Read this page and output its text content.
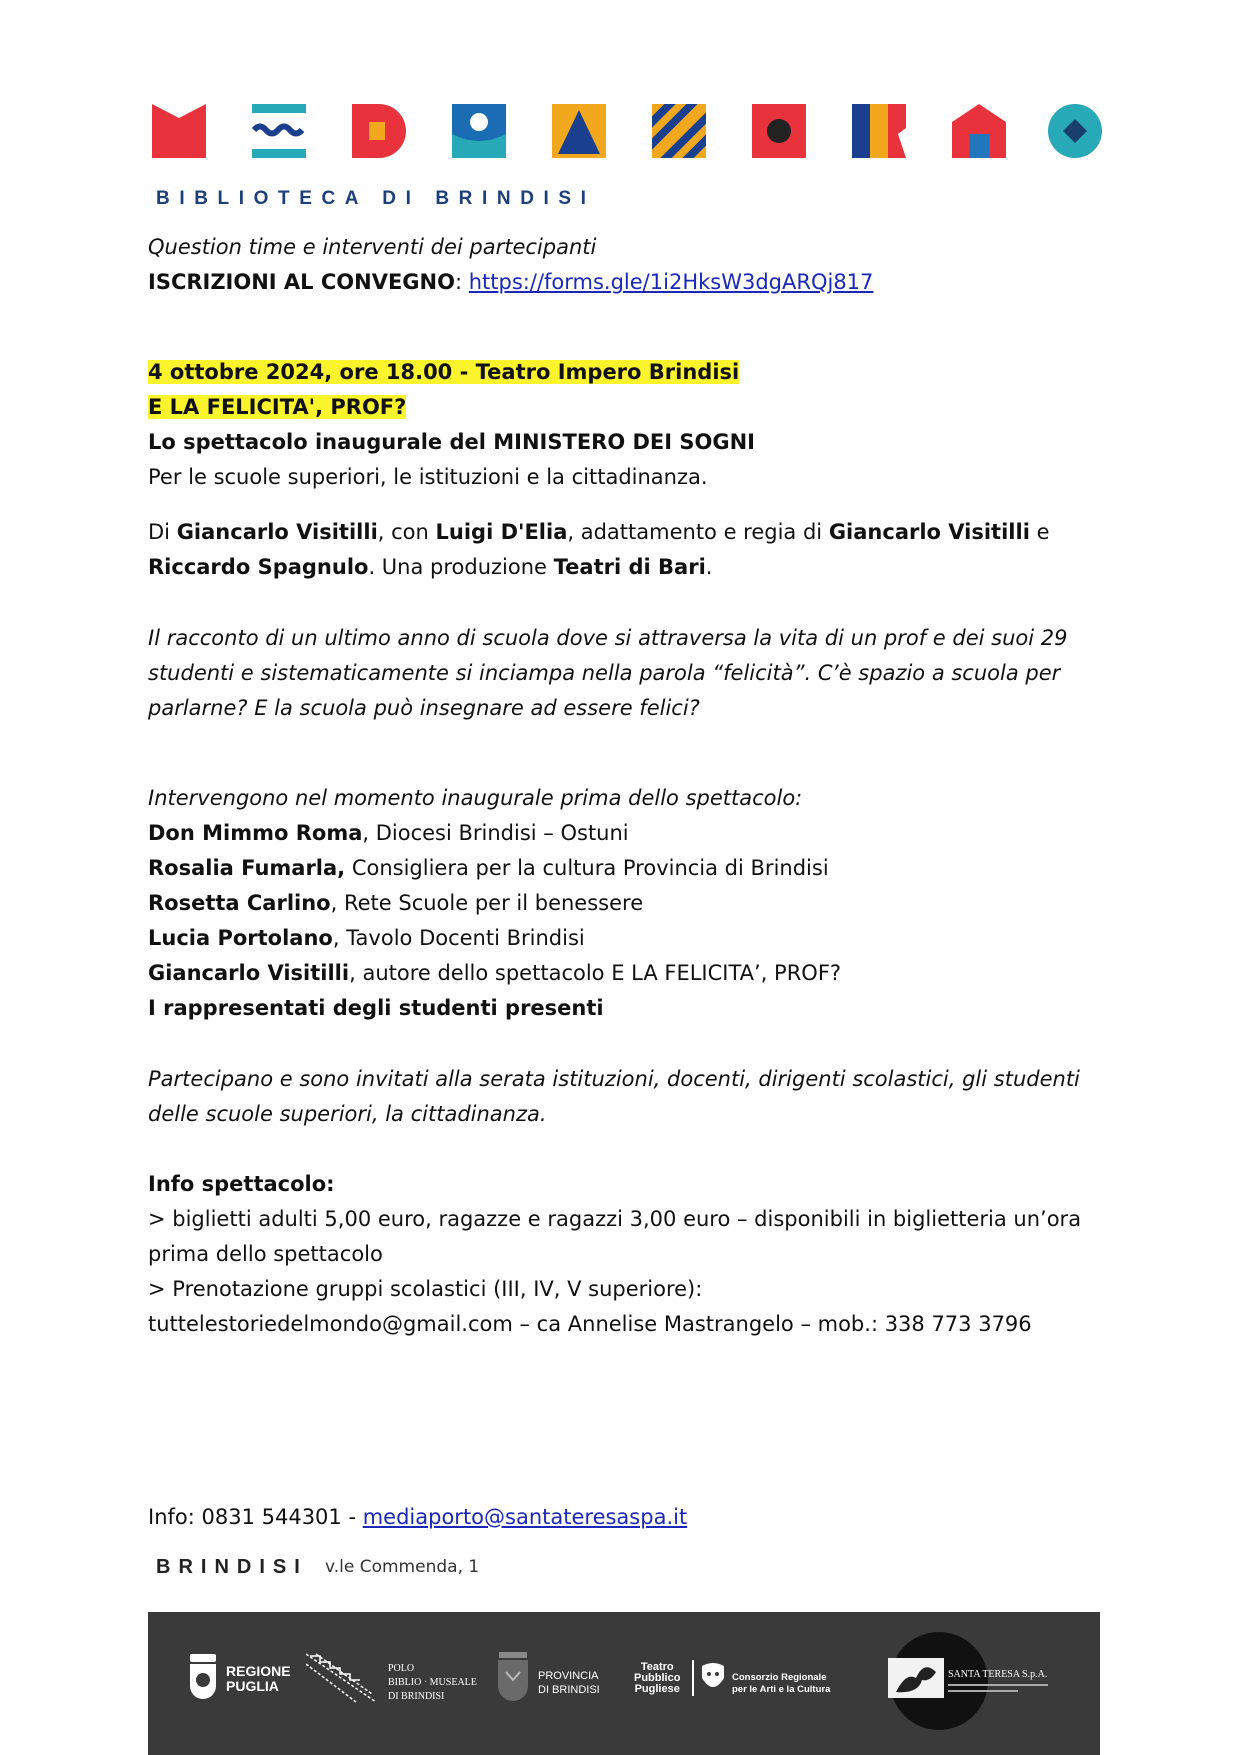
BIBLIOTECA DI BRINDISI
Question time e interventi dei partecipanti
ISCRIZIONI AL CONVEGNO: https://forms.gle/1i2HksW3dgARQj817
4 ottobre 2024, ore 18.00 - Teatro Impero Brindisi
E LA FELICITA', PROF?
Lo spettacolo inaugurale del MINISTERO DEI SOGNI
Per le scuole superiori, le istituzioni e la cittadinanza.
Di Giancarlo Visitilli, con Luigi D'Elia, adattamento e regia di Giancarlo Visitilli e
Riccardo Spagnulo. Una produzione Teatri di Bari.
Il racconto di un ultimo anno di scuola dove si attraversa la vita di un prof e dei suoi 29
studenti e sistematicamente si inciampa nella parola “felicità”. C’è spazio a scuola per
parlarne? E la scuola può insegnare ad essere felici?
Intervengono nel momento inaugurale prima dello spettacolo:
Don Mimmo Roma, Diocesi Brindisi – Ostuni
Rosalia Fumarla, Consigliera per la cultura Provincia di Brindisi
Rosetta Carlino, Rete Scuole per il benessere
Lucia Portolano, Tavolo Docenti Brindisi
Giancarlo Visitilli, autore dello spettacolo E LA FELICITA’, PROF?
I rappresentati degli studenti presenti
Partecipano e sono invitati alla serata istituzioni, docenti, dirigenti scolastici, gli studenti
delle scuole superiori, la cittadinanza.
Info spettacolo:
> biglietti adulti 5,00 euro, ragazze e ragazzi 3,00 euro – disponibili in biglietteria un’ora
prima dello spettacolo
> Prenotazione gruppi scolastici (III, IV, V superiore):
tuttelestoriedelmondo@gmail.com – ca Annelise Mastrangelo – mob.: 338 773 3796
Info: 0831 544301 - mediaporto@santateresaspa.it
BRINDISI v.le Commenda, 1
REGIONE
PUGLIA
POLO
BIBLIO · MUSEALE
DI BRINDISI
PROVINCIA
DI BRINDISI
Teatro
Pubblico
Pugliese
Consorzio Regionale
per le Arti e la Cultura
SANTA TERESA S.p.A.
